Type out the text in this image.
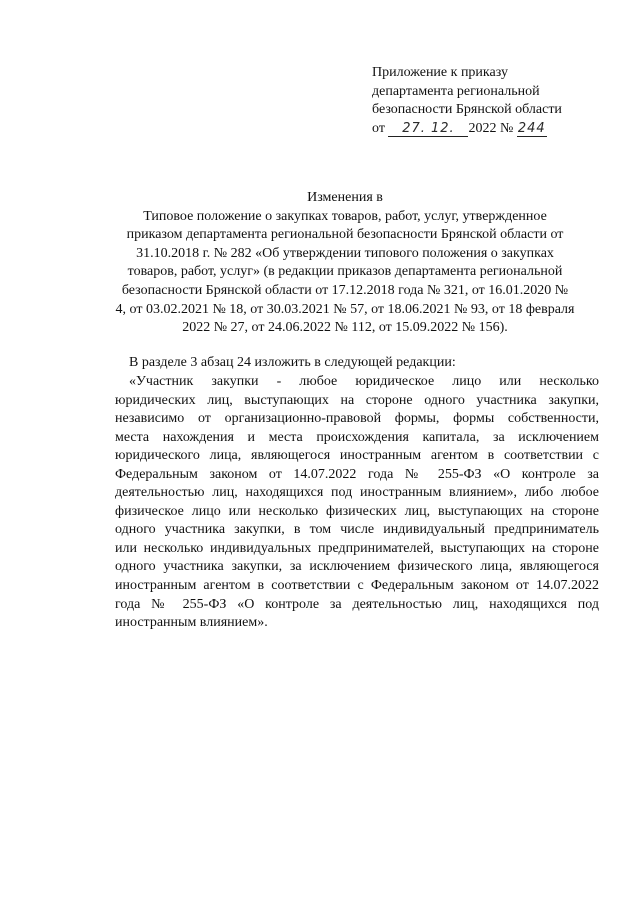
Приложение к приказу
департамента региональной
безопасности Брянской области
от 27. 12. 2022 № 244
Изменения в
Типовое положение о закупках товаров, работ, услуг, утвержденное
приказом департамента региональной безопасности Брянской области от
31.10.2018 г. № 282 «Об утверждении типового положения о закупках
товаров, работ, услуг» (в редакции приказов департамента региональной
безопасности Брянской области от 17.12.2018 года № 321, от 16.01.2020 №
4, от 03.02.2021 № 18, от 30.03.2021 № 57, от 18.06.2021 № 93, от 18 февраля
2022 № 27, от 24.06.2022 № 112, от 15.09.2022 № 156).
В разделе 3 абзац 24 изложить в следующей редакции:
«Участник закупки - любое юридическое лицо или несколько
юридических лиц, выступающих на стороне одного участника закупки,
независимо от организационно-правовой формы, формы собственности,
места нахождения и места происхождения капитала, за исключением
юридического лица, являющегося иностранным агентом в соответствии с
Федеральным законом от 14.07.2022 года № 255-ФЗ «О контроле за
деятельностью лиц, находящихся под иностранным влиянием», либо любое
физическое лицо или несколько физических лиц, выступающих на стороне
одного участника закупки, в том числе индивидуальный предприниматель
или несколько индивидуальных предпринимателей, выступающих на стороне
одного участника закупки, за исключением физического лица, являющегося
иностранным агентом в соответствии с Федеральным законом от 14.07.2022
года № 255-ФЗ «О контроле за деятельностью лиц, находящихся под
иностранным влиянием».
